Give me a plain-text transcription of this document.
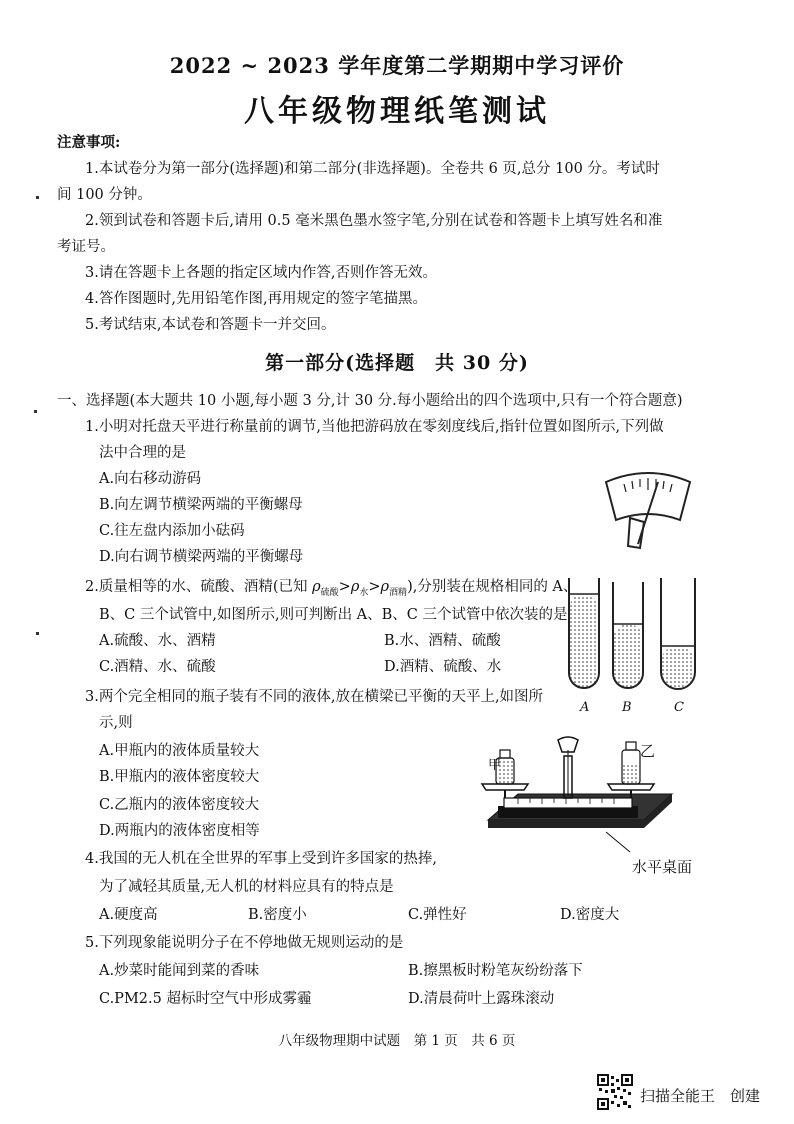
2022 ~ 2023 学年度第二学期期中学习评价
八年级物理纸笔测试
注意事项:
1.本试卷分为第一部分(选择题)和第二部分(非选择题)。全卷共 6 页,总分 100 分。考试时
间 100 分钟。
2.领到试卷和答题卡后,请用 0.5 毫米黑色墨水签字笔,分别在试卷和答题卡上填写姓名和准
考证号。
3.请在答题卡上各题的指定区域内作答,否则作答无效。
4.答作图题时,先用铅笔作图,再用规定的签字笔描黑。
5.考试结束,本试卷和答题卡一并交回。
第一部分(选择题　共 30 分)
一、选择题(本大题共 10 小题,每小题 3 分,计 30 分.每小题给出的四个选项中,只有一个符合题意)
1.小明对托盘天平进行称量前的调节,当他把游码放在零刻度线后,指针位置如图所示,下列做
法中合理的是
A.向右移动游码
B.向左调节横梁两端的平衡螺母
C.往左盘内添加小砝码
D.向右调节横梁两端的平衡螺母
2.质量相等的水、硫酸、酒精(已知 $\rho_{硫酸}>\rho_水>\rho_{酒精}$),分别装在规格相同的 A、
B、C 三个试管中,如图所示,则可判断出 A、B、C 三个试管中依次装的是
A.硫酸、水、酒精	B.水、酒精、硫酸
C.酒精、水、硫酸	D.酒精、硫酸、水
A	B	C
3.两个完全相同的瓶子装有不同的液体,放在横梁已平衡的天平上,如图所
示,则
A.甲瓶内的液体质量较大
B.甲瓶内的液体密度较大
C.乙瓶内的液体密度较大
D.两瓶内的液体密度相等
甲
乙
水平桌面
4.我国的无人机在全世界的军事上受到许多国家的热捧,
为了减轻其质量,无人机的材料应具有的特点是
A.硬度高	B.密度小	C.弹性好	D.密度大
5.下列现象能说明分子在不停地做无规则运动的是
A.炒菜时能闻到菜的香味	B.擦黑板时粉笔灰纷纷落下
C.PM2.5 超标时空气中形成雾霾	D.清晨荷叶上露珠滚动
八年级物理期中试题　第 1 页　共 6 页
扫描全能王　创建
